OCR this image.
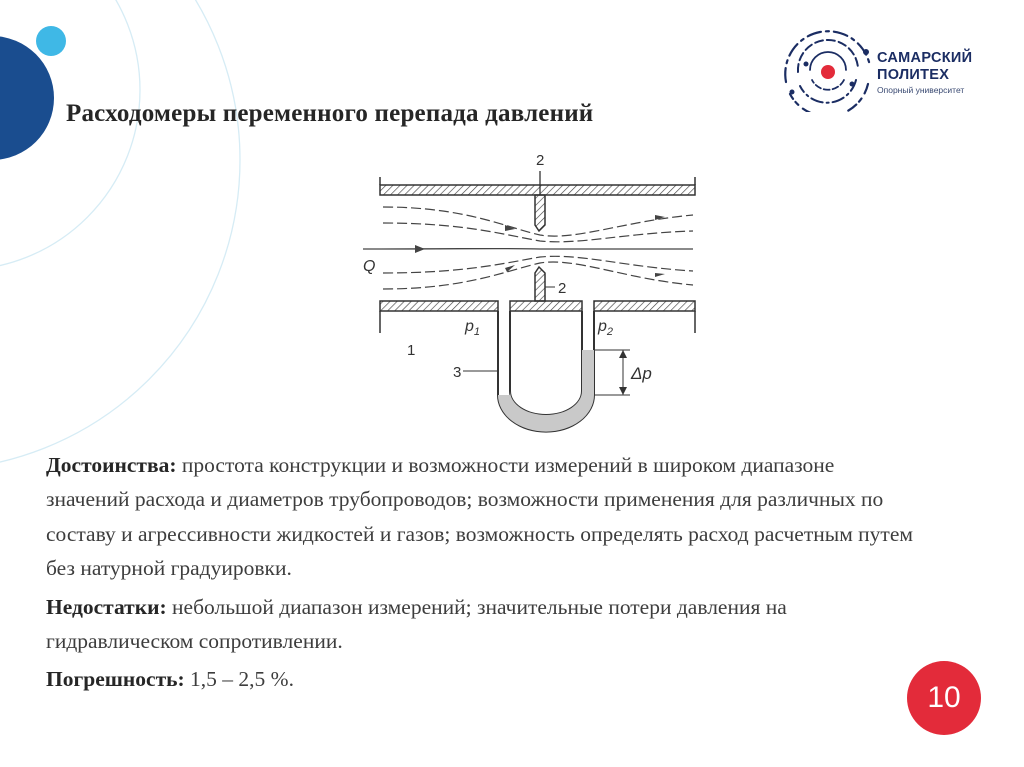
САМАРСКИЙ
ПОЛИТЕХ
Опорный университет
Расходомеры переменного перепада давлений
2
2
Q
1
3
$p_1$	$p_2$
Δp

Достоинства: простота конструкции и возможности измерений в широком диапазоне значений расхода и диаметров трубопроводов; возможности применения для различных по составу и агрессивности жидкостей и газов; возможность определять расход расчетным путем без натурной градуировки.

Недостатки: небольшой диапазон измерений; значительные потери давления на гидравлическом сопротивлении.

Погрешность: 1,5 – 2,5 %.

10
